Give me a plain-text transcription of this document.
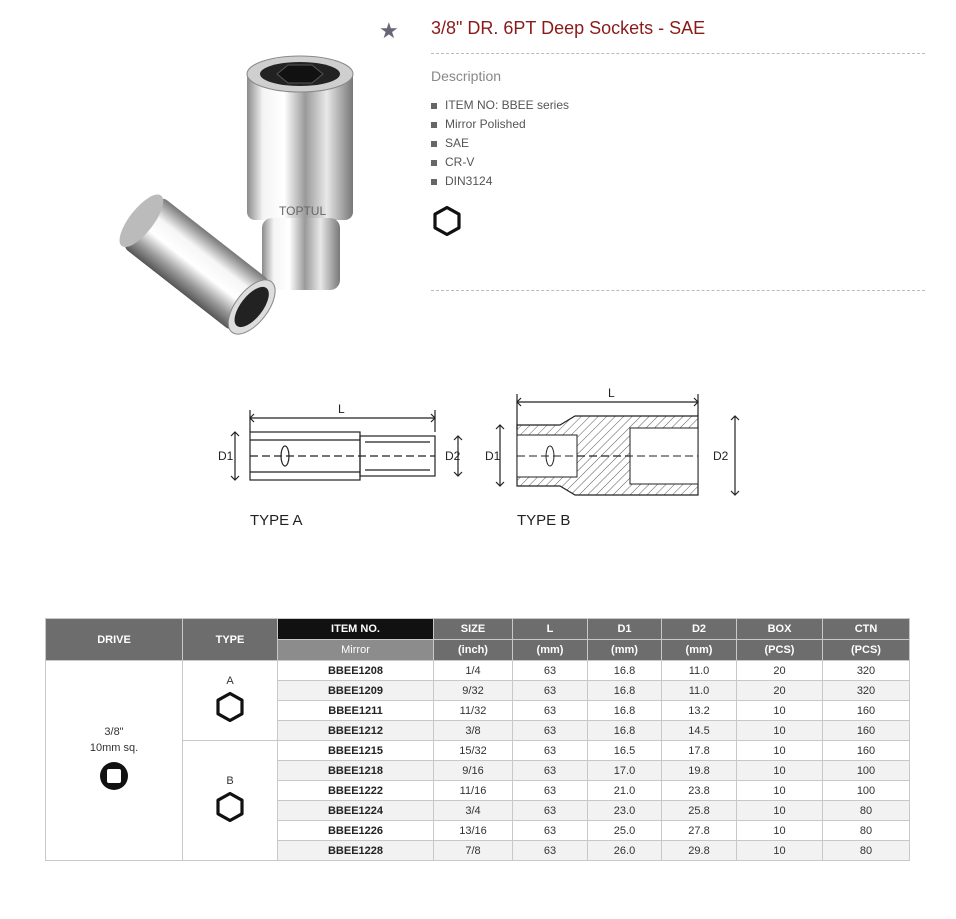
★ 3/8" DR. 6PT Deep Sockets - SAE
Description
ITEM NO: BBEE series
Mirror Polished
SAE
CR-V
DIN3124
TOPTUL
L
D1	D2
L
D1	D2
TYPE A	TYPE B
DRIVE	TYPE	ITEM NO.	SIZE	L	D1	D2	BOX	CTN
		Mirror	(inch)	(mm)	(mm)	(mm)	(PCS)	(PCS)

3/8"
10mm sq.	A	BBEE1208	1/4	63	16.8	11.0	20	320
		BBEE1209	9/32	63	16.8	11.0	20	320
		BBEE1211	11/32	63	16.8	13.2	10	160
		BBEE1212	3/8	63	16.8	14.5	10	160

	B	BBEE1215	15/32	63	16.5	17.8	10	160
		BBEE1218	9/16	63	17.0	19.8	10	100
		BBEE1222	11/16	63	21.0	23.8	10	100
		BBEE1224	3/4	63	23.0	25.8	10	80
		BBEE1226	13/16	63	25.0	27.8	10	80
		BBEE1228	7/8	63	26.0	29.8	10	80
